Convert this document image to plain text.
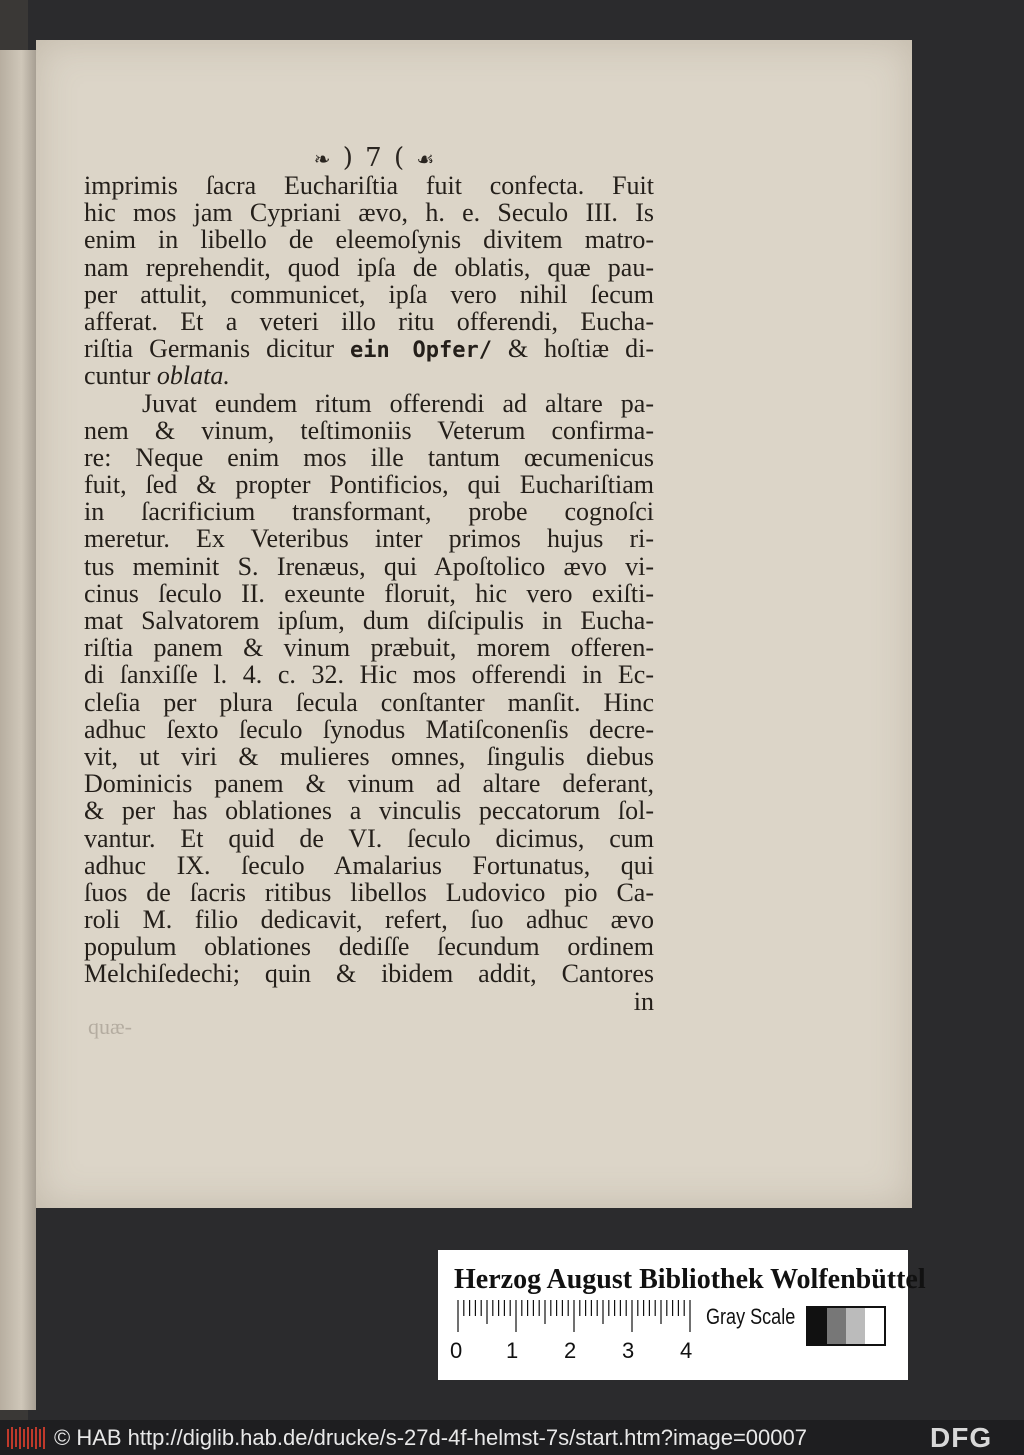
❧ ) 7 ( ☙
imprimis ſacra Euchariſtia fuit confecta. Fuit
hic mos jam Cypriani ævo, h. e. Seculo III. Is
enim in libello de eleemoſynis divitem matro-
nam reprehendit, quod ipſa de oblatis, quæ pau-
per attulit, communicet, ipſa vero nihil ſecum
afferat. Et a veteri illo ritu offerendi, Eucha-
riſtia Germanis dicitur ein Opfer/ & hoſtiæ di-
cuntur oblata.
Juvat eundem ritum offerendi ad altare pa-
nem & vinum, teſtimoniis Veterum confirma-
re: Neque enim mos ille tantum œcumenicus
fuit, ſed & propter Pontificios, qui Euchariſtiam
in ſacrificium transformant, probe cognoſci
meretur. Ex Veteribus inter primos hujus ri-
tus meminit S. Irenæus, qui Apoſtolico ævo vi-
cinus ſeculo II. exeunte floruit, hic vero exiſti-
mat Salvatorem ipſum, dum diſcipulis in Eucha-
riſtia panem & vinum præbuit, morem offeren-
di ſanxiſſe l. 4. c. 32. Hic mos offerendi in Ec-
cleſia per plura ſecula conſtanter manſit. Hinc
adhuc ſexto ſeculo ſynodus Matiſconenſis decre-
vit, ut viri & mulieres omnes, ſingulis diebus
Dominicis panem & vinum ad altare deferant,
& per has oblationes a vinculis peccatorum ſol-
vantur. Et quid de VI. ſeculo dicimus, cum
adhuc IX. ſeculo Amalarius Fortunatus, qui
ſuos de ſacris ritibus libellos Ludovico pio Ca-
roli M. filio dedicavit, refert, ſuo adhuc ævo
populum oblationes dediſſe ſecundum ordinem
Melchiſedechi; quin & ibidem addit, Cantores
in
quæ-
Herzog August Bibliothek Wolfenbüttel
0 1 2 3 4
Gray Scale
© HAB http://diglib.hab.de/drucke/s-27d-4f-helmst-7s/start.htm?image=00007	DFG
